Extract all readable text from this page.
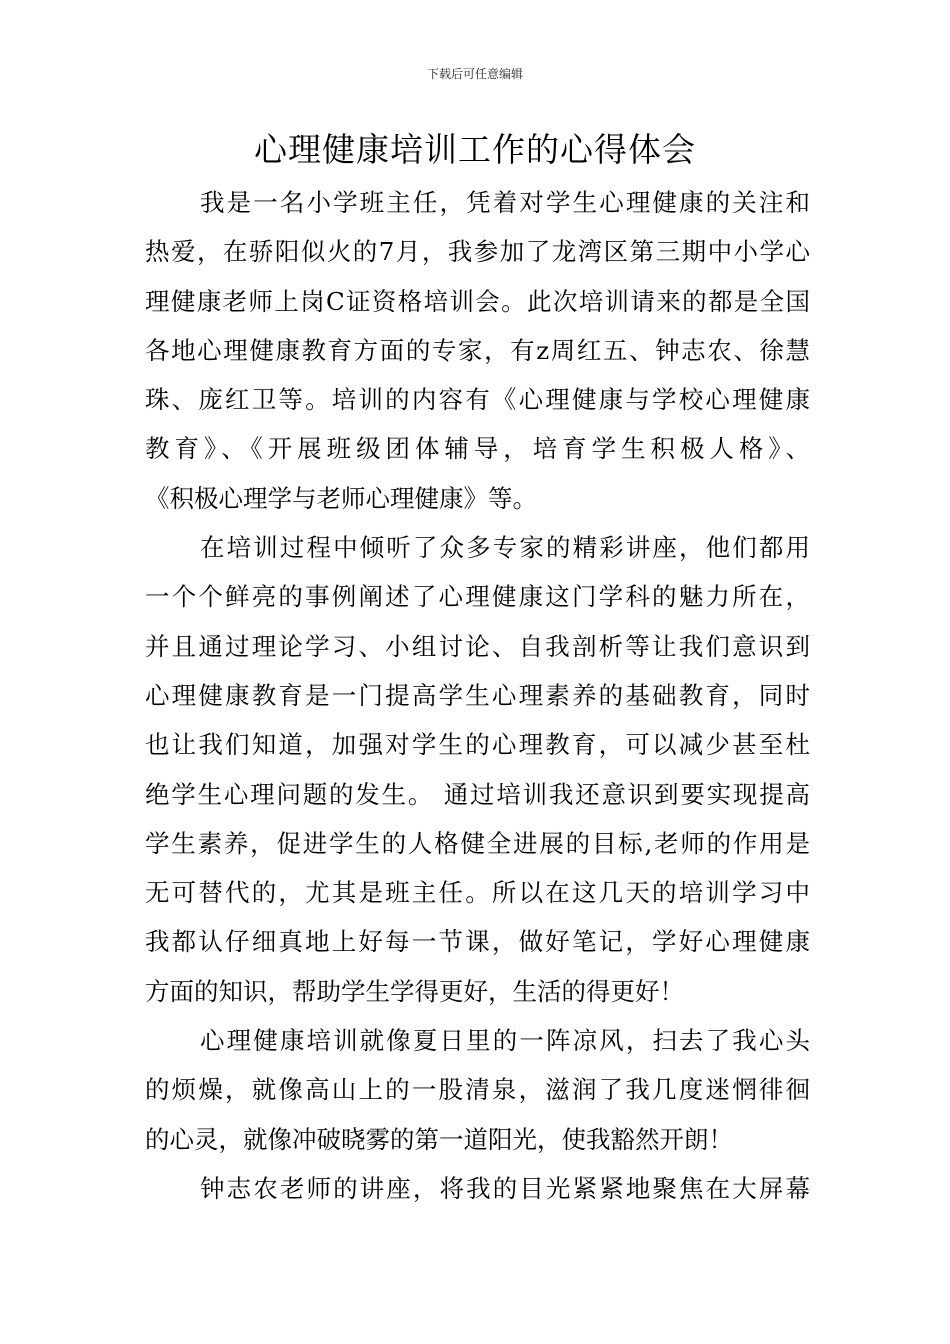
下载后可任意编辑
心理健康培训工作的心得体会
我是一名小学班主任，凭着对学生心理健康的关注和
热爱，在骄阳似火的7月，我参加了龙湾区第三期中小学心
理健康老师上岗C证资格培训会。此次培训请来的都是全国
各地心理健康教育方面的专家，有z周红五、钟志农、徐慧
珠、庞红卫等。培训的内容有《心理健康与学校心理健康
教育》、《开展班级团体辅导，培育学生积极人格》、
《积极心理学与老师心理健康》等。
在培训过程中倾听了众多专家的精彩讲座，他们都用
一个个鲜亮的事例阐述了心理健康这门学科的魅力所在，
并且通过理论学习、小组讨论、自我剖析等让我们意识到
心理健康教育是一门提高学生心理素养的基础教育，同时
也让我们知道，加强对学生的心理教育，可以减少甚至杜
绝学生心理问题的发生。 通过培训我还意识到要实现提高
学生素养，促进学生的人格健全进展的目标,老师的作用是
无可替代的，尤其是班主任。所以在这几天的培训学习中
我都认仔细真地上好每一节课，做好笔记，学好心理健康
方面的知识，帮助学生学得更好，生活的得更好！
心理健康培训就像夏日里的一阵凉风，扫去了我心头
的烦燥，就像高山上的一股清泉，滋润了我几度迷惘徘徊
的心灵，就像冲破晓雾的第一道阳光，使我豁然开朗！
钟志农老师的讲座，将我的目光紧紧地聚焦在大屏幕
